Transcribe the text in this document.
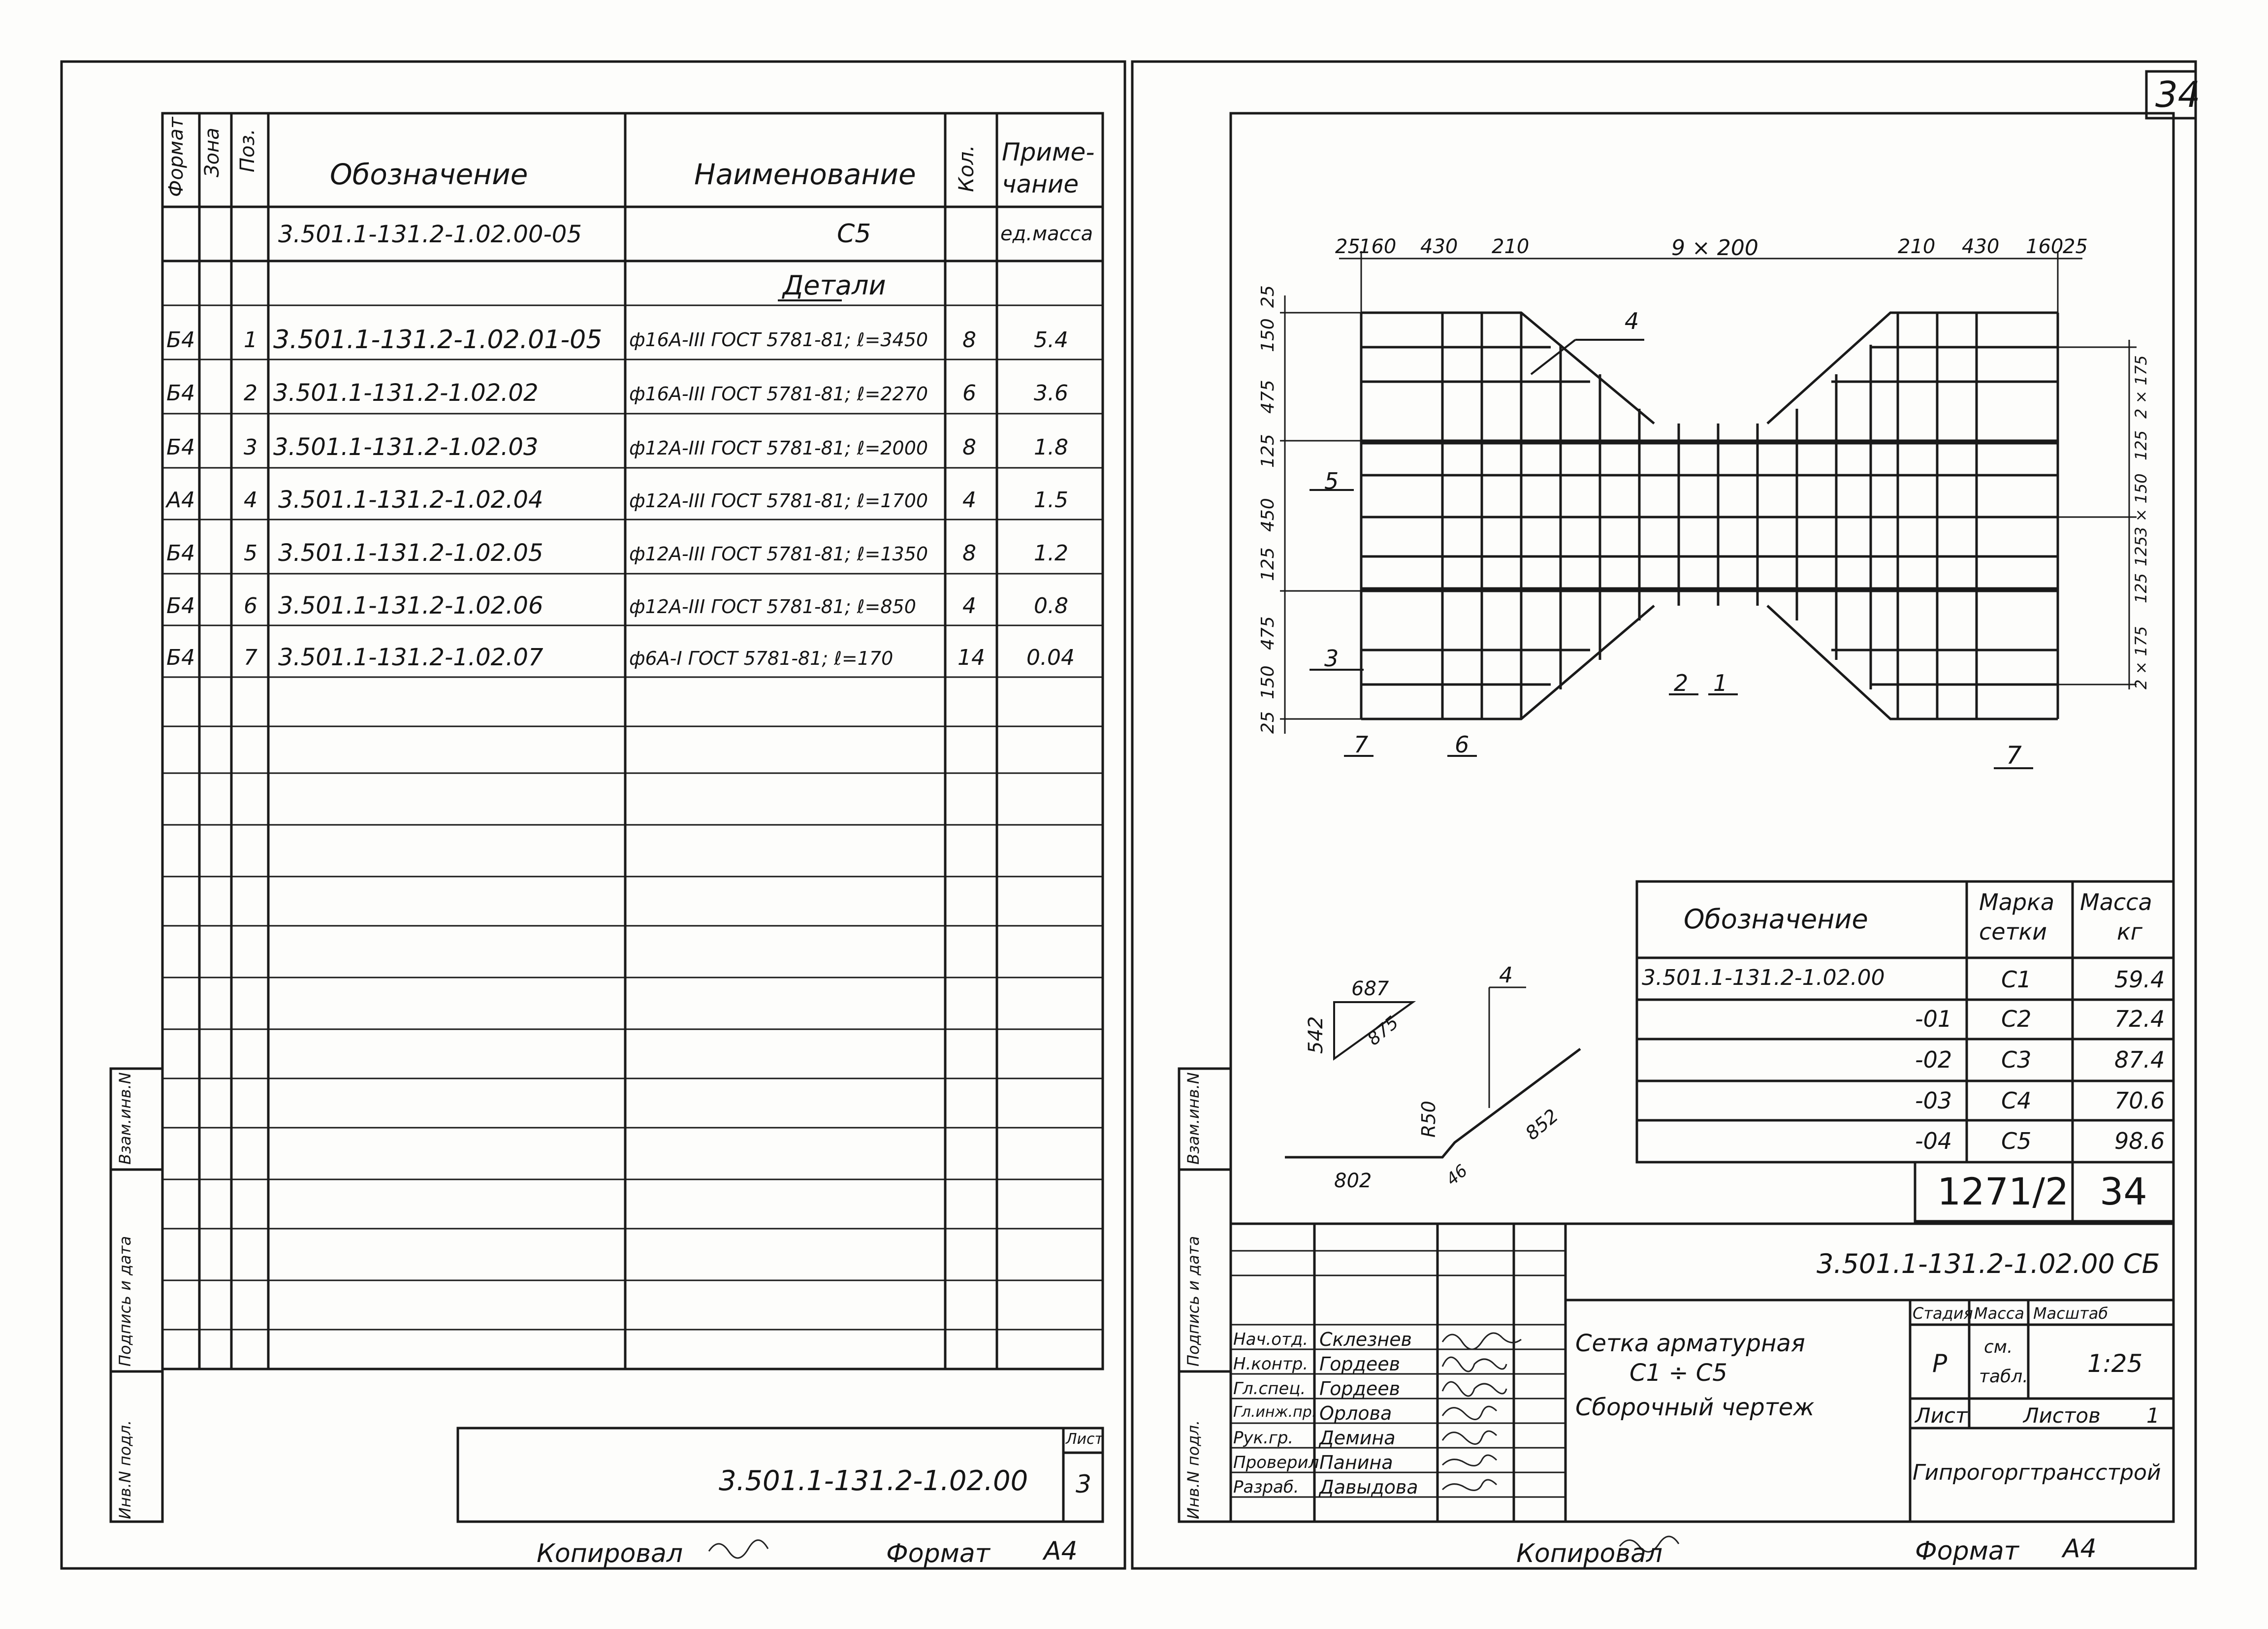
34
Формат Зона Поз.
Обозначение	Наименование Кол. Приме-
чание
3.501.1-131.2-1.02.00-05	С5	ед.масса
Детали
Б4 1 3.501.1-131.2-1.02.01-05 ф16А-III ГОСТ 5781-81; ℓ=3450 8	5.4
Б4 2 3.501.1-131.2-1.02.02	ф16А-III ГОСТ 5781-81; ℓ=2270 6	3.6
Б4 3 3.501.1-131.2-1.02.03	ф12А-III ГОСТ 5781-81; ℓ=2000 8	1.8
А4 4 3.501.1-131.2-1.02.04	ф12А-III ГОСТ 5781-81; ℓ=1700 4	1.5
Б4 5 3.501.1-131.2-1.02.05	ф12А-III ГОСТ 5781-81; ℓ=1350 8	1.2
Б4 6 3.501.1-131.2-1.02.06	ф12А-III ГОСТ 5781-81; ℓ=850 4	0.8
Б4 7 3.501.1-131.2-1.02.07	ф6А-I ГОСТ 5781-81; ℓ=170	14 0.04
Инв.N подл.
Подпись и дата
Взам.инв.N
3.501.1-131.2-1.02.00
Лист
3
Копировал	Формат А4
25
160 430 210	9 × 200	210 430 160
25
25
150
475
125
450
125
475
150
25
2 × 175
125
3 × 150
125
125
2 × 175
4
5
3
2 1
7	6	7
687
542 875
R50
802	46
852
4
Обозначение
Марка
сетки
Масса
кг
3.501.1-131.2-1.02.00	С1	59.4
-01 С2	72.4
-02 С3	87.4
-03 С4	70.6
-04 С5	98.6
1271/2 34
3.501.1-131.2-1.02.00 СБ
Сетка арматурная
С1 ÷ С5
Сборочный чертеж
Стадия Масса Масштаб
Р
см.
табл. 1:25
Лист	Листов 1
Гипрогоргтрансстрой
Нач.отд. Склезнев
Н.контр. Гордеев
Гл.спец. Гордеев
Гл.инж.пр. Орлова
Рук.гр. Демина
Проверил Панина
Разраб. Давыдова
Инв.N подл.
Подпись и дата
Взам.инв.N
Копировал	Формат А4
